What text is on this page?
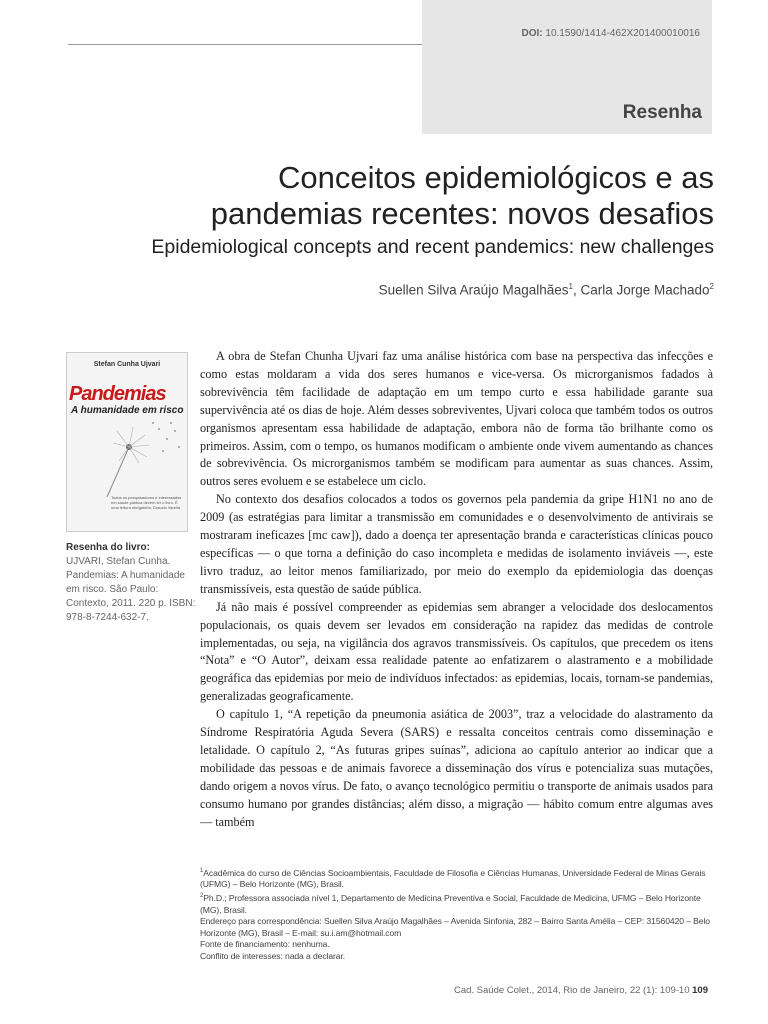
DOI: 10.1590/1414-462X201400010016
Resenha
Conceitos epidemiológicos e as
pandemias recentes: novos desafios
Epidemiological concepts and recent pandemics: new challenges
Suellen Silva Araújo Magalhães$^1$, Carla Jorge Machado$^2$
Stefan Cunha Ujvari
Pandemias
A humanidade em risco
Todos os pesquisadores e interessados em saúde pública devem ler o livro. É uma leitura obrigatória. Drauzio Varella
Resenha do livro:
UJVARI, Stefan Cunha. Pandemias: A humanidade em risco. São Paulo: Contexto, 2011. 220 p. ISBN: 978-8-7244-632-7.

A obra de Stefan Chunha Ujvari faz uma análise histórica com base na perspectiva das infecções e como estas moldaram a vida dos seres humanos e vice-versa. Os microrganismos fadados à sobrevivência têm facilidade de adaptação em um tempo curto e essa habilidade garante sua supervivência até os dias de hoje. Além desses sobreviventes, Ujvari coloca que também todos os outros organismos apresentam essa habilidade de adaptação, embora não de forma tão brilhante como os primeiros. Assim, com o tempo, os humanos modificam o ambiente onde vivem aumentando as chances de sobrevivência. Os microrganismos também se modificam para aumentar as suas chances. Assim, outros seres evoluem e se estabelece um ciclo.

No contexto dos desafios colocados a todos os governos pela pandemia da gripe H1N1 no ano de 2009 (as estratégias para limitar a transmissão em comunidades e o desenvolvimento de antivirais se mostraram ineficazes [mc caw]), dado a doença ter apresentação branda e características clínicas pouco específicas — o que torna a definição do caso incompleta e medidas de isolamento inviáveis —, este livro traduz, ao leitor menos familiarizado, por meio do exemplo da epidemiologia das doenças transmissíveis, esta questão de saúde pública.

Já não mais é possível compreender as epidemias sem abranger a velocidade dos deslocamentos populacionais, os quais devem ser levados em consideração na rapidez das medidas de controle implementadas, ou seja, na vigilância dos agravos transmissíveis. Os capítulos, que precedem os itens “Nota” e “O Autor”, deixam essa realidade patente ao enfatizarem o alastramento e a mobilidade geográfica das epidemias por meio de indivíduos infectados: as epidemias, locais, tornam-se pandemias, generalizadas geograficamente.

O capítulo 1, “A repetição da pneumonia asiática de 2003”, traz a velocidade do alastramento da Síndrome Respiratória Aguda Severa (SARS) e ressalta conceitos centrais como disseminação e letalidade. O capítulo 2, “As futuras gripes suínas”, adiciona ao capítulo anterior ao indicar que a mobilidade das pessoas e de animais favorece a disseminação dos vírus e potencializa suas mutações, dando origem a novos vírus. De fato, o avanço tecnológico permitiu o transporte de animais usados para consumo humano por grandes distâncias; além disso, a migração — hábito comum entre algumas aves — também

$^1$Acadêmica do curso de Ciências Socioambientais, Faculdade de Filosofia e Ciências Humanas, Universidade Federal de Minas Gerais (UFMG) – Belo Horizonte (MG), Brasil.
$^2$Ph.D.; Professora associada nível 1, Departamento de Medicina Preventiva e Social, Faculdade de Medicina, UFMG – Belo Horizonte (MG), Brasil.
Endereço para correspondência: Suellen Silva Araújo Magalhães – Avenida Sinfonia, 282 – Bairro Santa Amélia – CEP: 31560420 – Belo Horizonte (MG), Brasil – E-mail: su.i.am@hotmail.com
Fonte de financiamento: nenhuma.
Conflito de interesses: nada a declarar.
Cad. Saúde Colet., 2014, Rio de Janeiro, 22 (1): 109-10 109
